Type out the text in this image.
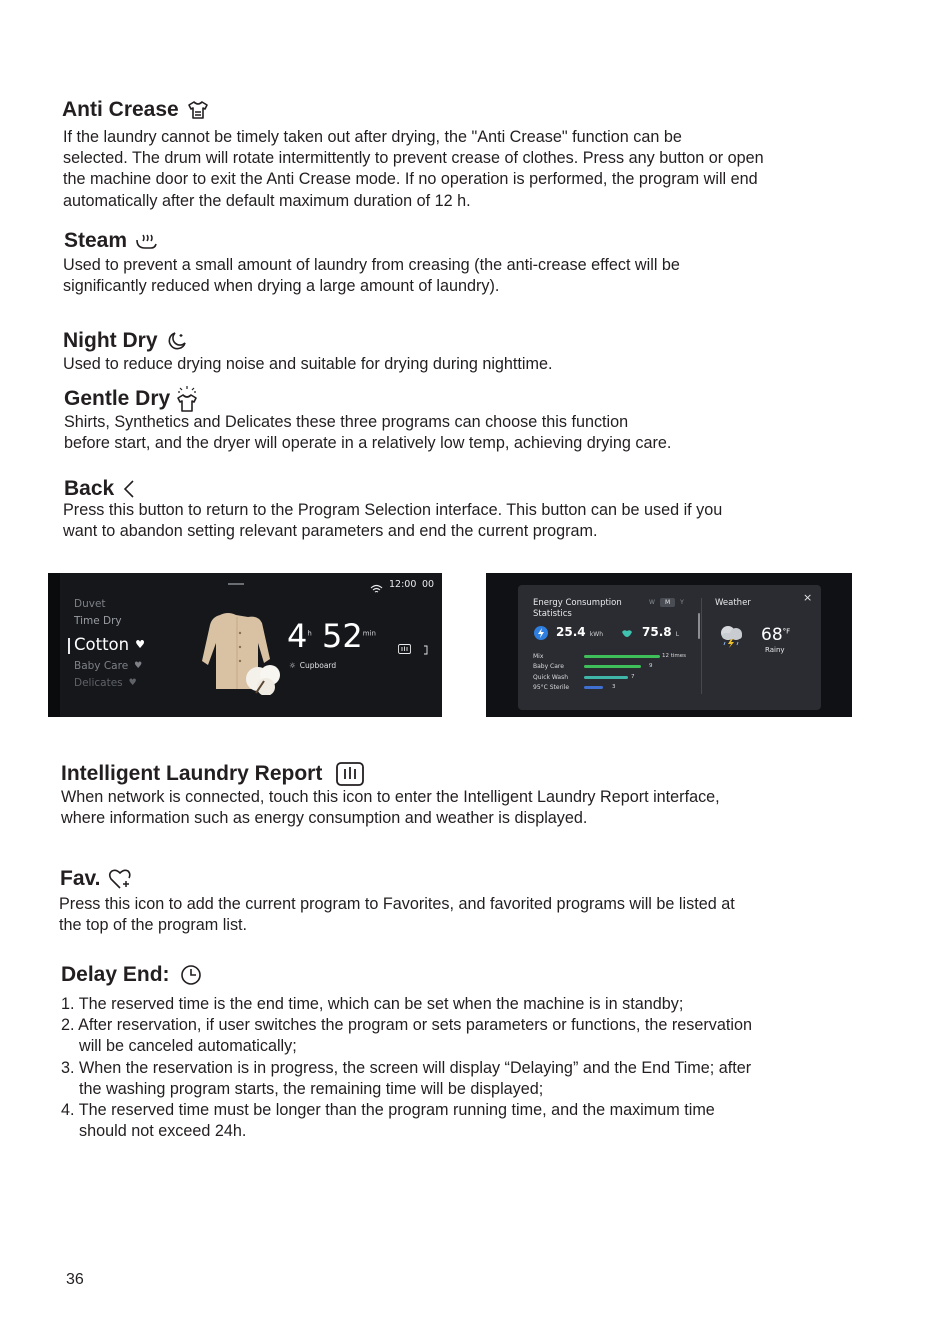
Anti Crease
If the laundry cannot be timely taken out after drying, the "Anti Crease" function can be
selected. The drum will rotate intermittently to prevent crease of clothes. Press any button or open
the machine door to exit the Anti Crease mode. If no operation is performed, the program will end
automatically after the default maximum duration of 12 h.
Steam
Used to prevent a small amount of laundry from creasing (the anti-crease effect will be
significantly reduced when drying a large amount of laundry).
Night Dry
Used to reduce drying noise and suitable for drying during nighttime.
Gentle Dry
Shirts, Synthetics and Delicates these three programs can choose this function
before start, and the dryer will operate in a relatively low temp, achieving drying care.
Back
Press this button to return to the Program Selection interface. This button can be used if you
want to abandon setting relevant parameters and end the current program.
12:00 00
Duvet
Time Dry
Cotton ♥
Baby Care ♥
Delicates ♥
4$^h$ $52^{min}$
☼ Cupboard
Energy Consumption
Statistics
W	M	Y
25.4 kWh	75.8 L
Mix
Baby Care
Quick Wash
95°C Sterile
12 times
9
7
3
Weather	×
$68^{^\circ F}$
Rainy
Intelligent Laundry Report
When network is connected, touch this icon to enter the Intelligent Laundry Report interface,
where information such as energy consumption and weather is displayed.
Fav.
Press this icon to add the current program to Favorites, and favorited programs will be listed at
the top of the program list.
Delay End:
1. The reserved time is the end time, which can be set when the machine is in standby;
2. After reservation, if user switches the program or sets parameters or functions, the reservation
will be canceled automatically;
3. When the reservation is in progress, the screen will display “Delaying” and the End Time; after
the washing program starts, the remaining time will be displayed;
4. The reserved time must be longer than the program running time, and the maximum time
should not exceed 24h.
36
